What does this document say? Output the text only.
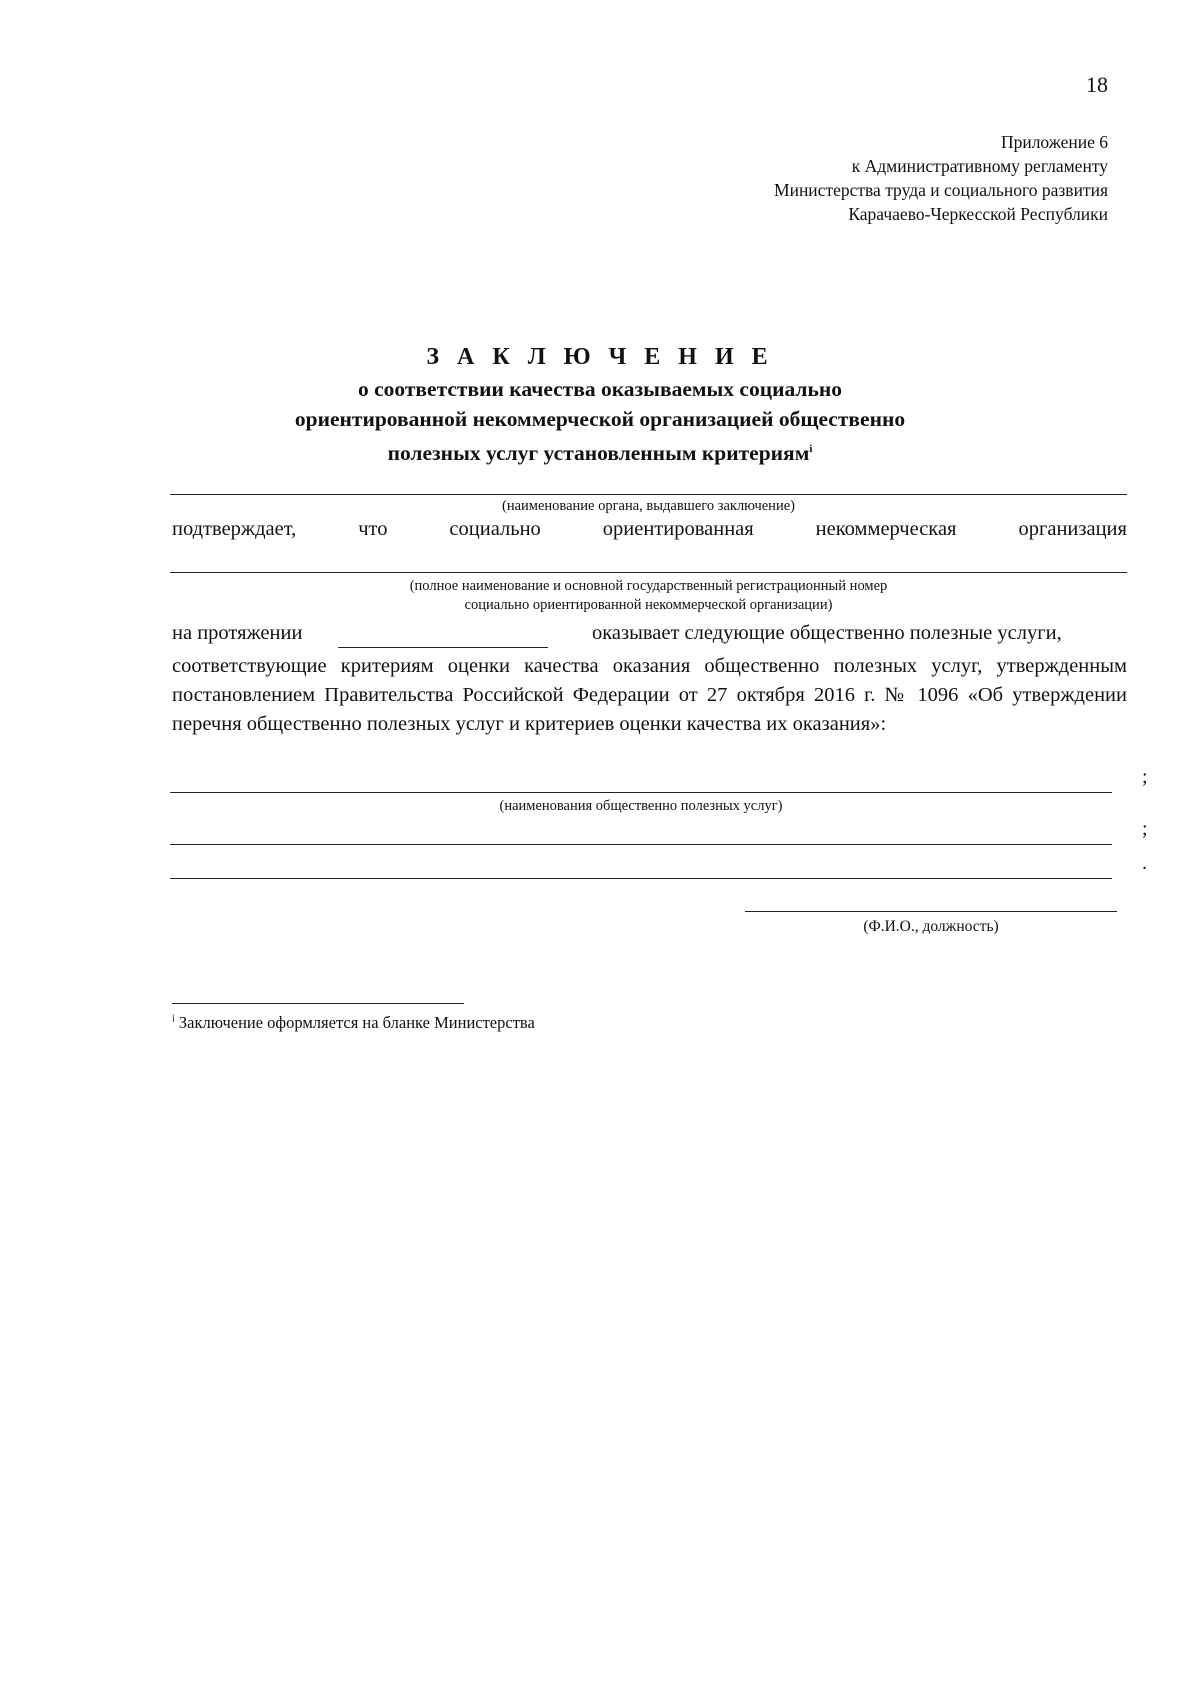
18
Приложение 6
к Административному регламенту
Министерства труда и социального развития
Карачаево-Черкесской Республики
З А К Л Ю Ч Е Н И Е
о соответствии качества оказываемых социально
ориентированной некоммерческой организацией общественно
полезных услуг установленным критериям$^i$
(наименование органа, выдавшего заключение)
подтверждает,	что	социально	ориентированная	некоммерческая	организация
(полное наименование и основной государственный регистрационный номер
социально ориентированной некоммерческой организации)
на протяжении	оказывает следующие общественно полезные услуги,
соответствующие критериям оценки качества оказания общественно полезных услуг, утвержденным постановлением Правительства Российской Федерации от 27 октября 2016 г. № 1096 «Об утверждении перечня общественно полезных услуг и критериев оценки качества их оказания»:
;
(наименования общественно полезных услуг)
;
.
(Ф.И.О., должность)
$^i$ Заключение оформляется на бланке Министерства
